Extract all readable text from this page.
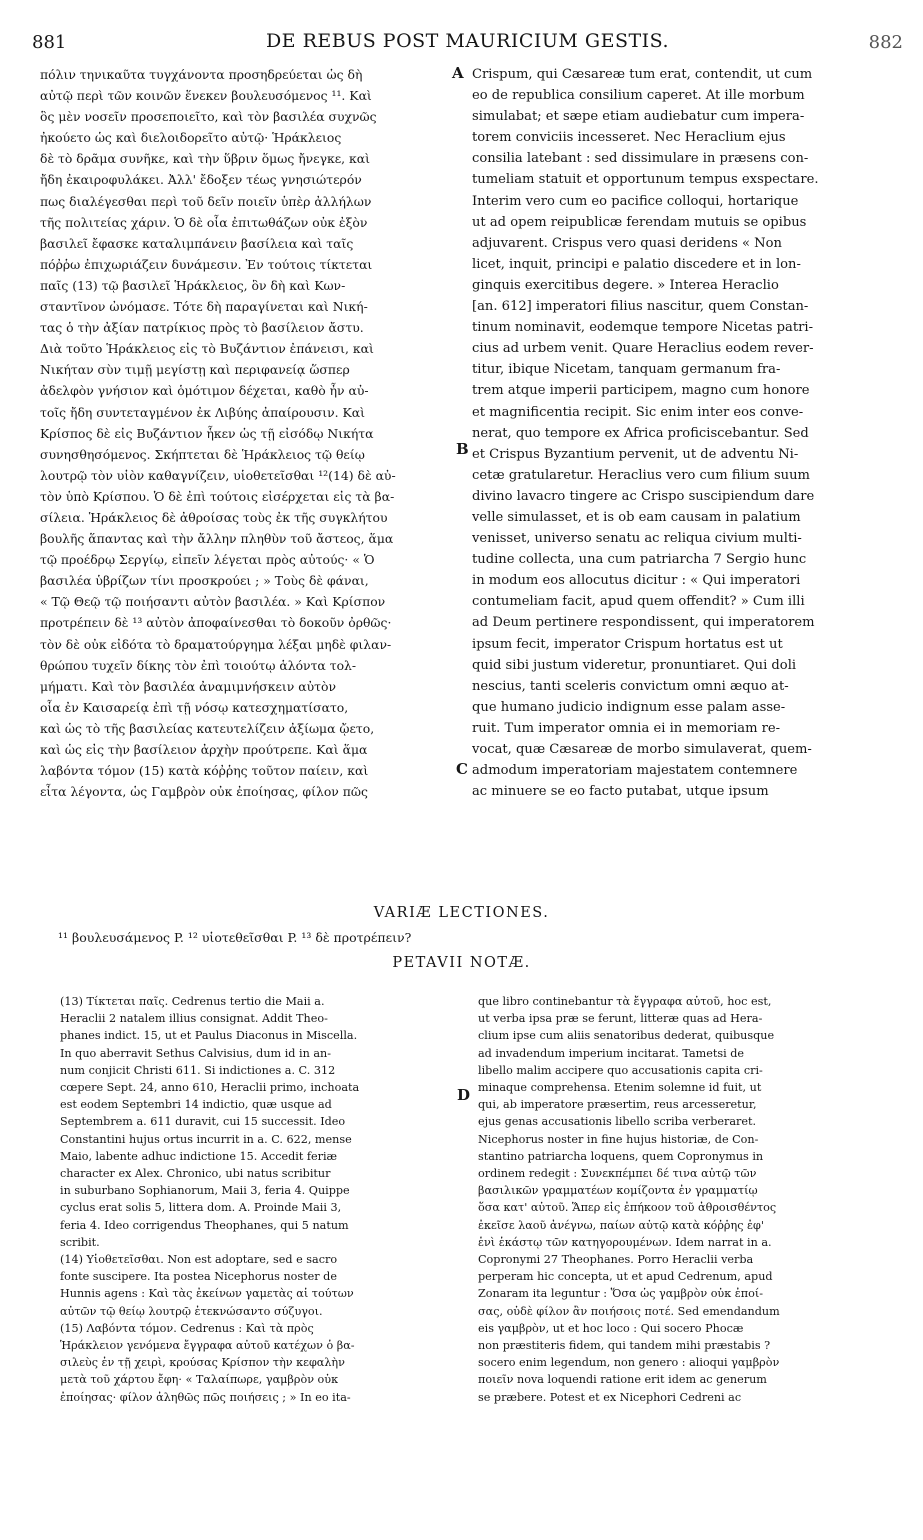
881	DE REBUS POST MAURICIUM GESTIS.	882
πόλιν τηνικαῦτα τυγχάνοντα προσηδρεύεται ὡς δὴ
αὐτῷ περὶ τῶν κοινῶν ἕνεκεν βουλευσόμενος ¹¹. Καὶ
ὃς μὲν νοσεῖν προσεποιεῖτο, καὶ τὸν βασιλέα συχνῶς
ἠκούετο ὡς καὶ διελοιδορεῖτο αὐτῷ· Ἡράκλειος
δὲ τὸ δρᾶμα συνῆκε, καὶ τὴν ὕβριν ὅμως ἤνεγκε, καὶ
ἤδη ἐκαιροφυλάκει. Ἀλλ' ἔδοξεν τέως γνησιώτερόν
πως διαλέγεσθαι περὶ τοῦ δεῖν ποιεῖν ὑπὲρ ἀλλήλων
τῆς πολιτείας χάριν. Ὁ δὲ οἷα ἐπιτωθάζων οὐκ ἐξὸν
βασιλεῖ ἔφασκε καταλιμπάνειν βασίλεια καὶ ταῖς
πόῤῥω ἐπιχωριάζειν δυνάμεσιν. Ἐν τούτοις τίκτεται
παῖς (13) τῷ βασιλεῖ Ἡράκλειος, ὃν δὴ καὶ Κων-
σταντῖνον ὠνόμασε. Τότε δὴ παραγίνεται καὶ Νική-
τας ὁ τὴν ἀξίαν πατρίκιος πρὸς τὸ βασίλειον ἄστυ.
Διὰ τοῦτο Ἡράκλειος εἰς τὸ Βυζάντιον ἐπάνεισι, καὶ
Νικήταν σὺν τιμῇ μεγίστῃ καὶ περιφανείᾳ ὥσπερ
ἀδελφὸν γνήσιον καὶ ὁμότιμον δέχεται, καθὸ ἦν αὐ-
τοῖς ἤδη συντεταγμένον ἐκ Λιβύης ἀπαίρουσιν. Καὶ
Κρίσπος δὲ εἰς Βυζάντιον ἧκεν ὡς τῇ εἰσόδῳ Νικήτα
συνησθησόμενος. Σκήπτεται δὲ Ἡράκλειος τῷ θείῳ
λουτρῷ τὸν υἱὸν καθαγνίζειν, υἱοθετεῖσθαι ¹²(14) δὲ αὐ-
τὸν ὑπὸ Κρίσπου. Ὁ δὲ ἐπὶ τούτοις εἰσέρχεται εἰς τὰ βα-
σίλεια. Ἡράκλειος δὲ ἀθροίσας τοὺς ἐκ τῆς συγκλήτου
βουλῆς ἅπαντας καὶ τὴν ἄλλην πληθὺν τοῦ ἄστεος, ἅμα
τῷ προέδρῳ Σεργίῳ, εἰπεῖν λέγεται πρὸς αὐτούς· « Ὁ
βασιλέα ὑβρίζων τίνι προσκρούει ; » Τοὺς δὲ φάναι,
« Τῷ Θεῷ τῷ ποιήσαντι αὐτὸν βασιλέα. » Καὶ Κρίσπον
προτρέπειν δὲ ¹³ αὐτὸν ἀποφαίνεσθαι τὸ δοκοῦν ὀρθῶς·
τὸν δὲ οὐκ εἰδότα τὸ δραματούργημα λέξαι μηδὲ φιλαν-
θρώπου τυχεῖν δίκης τὸν ἐπὶ τοιούτῳ ἁλόντα τολ-
μήματι. Καὶ τὸν βασιλέα ἀναμιμνήσκειν αὐτὸν
οἷα ἐν Καισαρείᾳ ἐπὶ τῇ νόσῳ κατεσχηματίσατο,
καὶ ὡς τὸ τῆς βασιλείας κατευτελίζειν ἀξίωμα ᾤετο,
καὶ ὡς εἰς τὴν βασίλειον ἀρχὴν προύτρεπε. Καὶ ἅμα
λαβόντα τόμον (15) κατὰ κόῤῥης τοῦτον παίειν, καὶ
εἶτα λέγοντα, ὡς Γαμβρὸν οὐκ ἐποίησας, φίλον πῶς
Crispum, qui Cæsareæ tum erat, contendit, ut cum
eo de republica consilium caperet. At ille morbum
simulabat; et sæpe etiam audiebatur cum impera-
torem conviciis incesseret. Nec Heraclium ejus
consilia latebant : sed dissimulare in præsens con-
tumeliam statuit et opportunum tempus exspectare.
Interim vero cum eo pacifice colloqui, hortarique
ut ad opem reipublicæ ferendam mutuis se opibus
adjuvarent. Crispus vero quasi deridens « Non
licet, inquit, principi e palatio discedere et in lon-
ginquis exercitibus degere. » Interea Heraclio
[an. 612] imperatori filius nascitur, quem Constan-
tinum nominavit, eodemque tempore Nicetas patri-
cius ad urbem venit. Quare Heraclius eodem rever-
titur, ibique Nicetam, tanquam germanum fra-
trem atque imperii participem, magno cum honore
et magnificentia recipit. Sic enim inter eos conve-
nerat, quo tempore ex Africa proficiscebantur. Sed
et Crispus Byzantium pervenit, ut de adventu Ni-
cetæ gratularetur. Heraclius vero cum filium suum
divino lavacro tingere ac Crispo suscipiendum dare
velle simulasset, et is ob eam causam in palatium
venisset, universo senatu ac reliqua civium multi-
tudine collecta, una cum patriarcha 7 Sergio hunc
in modum eos allocutus dicitur : « Qui imperatori
contumeliam facit, apud quem offendit? » Cum illi
ad Deum pertinere respondissent, qui imperatorem
ipsum fecit, imperator Crispum hortatus est ut
quid sibi justum videretur, pronuntiaret. Qui doli
nescius, tanti sceleris convictum omni æquo at-
que humano judicio indignum esse palam asse-
ruit. Tum imperator omnia ei in memoriam re-
vocat, quæ Cæsareæ de morbo simulaverat, quem-
admodum imperatoriam majestatem contemnere
ac minuere se eo facto putabat, utque ipsum
A
B
C
D
VARIÆ LECTIONES.
¹¹ βουλευσάμενος P. ¹² υἱοτεθεῖσθαι P. ¹³ δὲ προτρέπειν?
PETAVII NOTÆ.
(13) Τίκτεται παῖς. Cedrenus tertio die Maii a.
Heraclii 2 natalem illius consignat. Addit Theo-
phanes indict. 15, ut et Paulus Diaconus in Miscella.
In quo aberravit Sethus Calvisius, dum id in an-
num conjicit Christi 611. Si indictiones a. C. 312
cœpere Sept. 24, anno 610, Heraclii primo, inchoata
est eodem Septembri 14 indictio, quæ usque ad
Septembrem a. 611 duravit, cui 15 successit. Ideo
Constantini hujus ortus incurrit in a. C. 622, mense
Maio, labente adhuc indictione 15. Accedit feriæ
character ex Alex. Chronico, ubi natus scribitur
in suburbano Sophianorum, Maii 3, feria 4. Quippe
cyclus erat solis 5, littera dom. A. Proinde Maii 3,
feria 4. Ideo corrigendus Theophanes, qui 5 natum
scribit.
(14) Υἱοθετεῖσθαι. Non est adoptare, sed e sacro
fonte suscipere. Ita postea Nicephorus noster de
Hunnis agens : Καὶ τὰς ἐκείνων γαμετὰς αἱ τούτων
αὐτῶν τῷ θείῳ λουτρῷ ἐτεκνώσαντο σύζυγοι.
(15) Λαβόντα τόμον. Cedrenus : Καὶ τὰ πρὸς
Ἡράκλειον γενόμενα ἔγγραφα αὐτοῦ κατέχων ὁ βα-
σιλεὺς ἐν τῇ χειρὶ, κρούσας Κρίσπον τὴν κεφαλὴν
μετὰ τοῦ χάρτου ἔφη· « Ταλαίπωρε, γαμβρὸν οὐκ
ἐποίησας· φίλον ἀληθῶς πῶς ποιήσεις ; » In eo ita-
que libro continebantur τὰ ἔγγραφα αὐτοῦ, hoc est,
ut verba ipsa præ se ferunt, litteræ quas ad Hera-
clium ipse cum aliis senatoribus dederat, quibusque
ad invadendum imperium incitarat. Tametsi de
libello malim accipere quo accusationis capita cri-
minaque comprehensa. Etenim solemne id fuit, ut
qui, ab imperatore præsertim, reus arcesseretur,
ejus genas accusationis libello scriba verberaret.
Nicephorus noster in fine hujus historiæ, de Con-
stantino patriarcha loquens, quem Copronymus in
ordinem redegit : Συνεκπέμπει δέ τινα αὐτῷ τῶν
βασιλικῶν γραμματέων κομίζοντα ἐν γραμματίῳ
ὅσα κατ' αὐτοῦ. Ἅπερ εἰς ἐπήκοον τοῦ ἀθροισθέντος
ἐκεῖσε λαοῦ ἀνέγνω, παίων αὐτῷ κατὰ κόῤῥης ἐφ'
ἑνὶ ἑκάστῳ τῶν κατηγορουμένων. Idem narrat in a.
Copronymi 27 Theophanes. Porro Heraclii verba
perperam hic concepta, ut et apud Cedrenum, apud
Zonaram ita leguntur : Ὅσα ὡς γαμβρὸν οὐκ ἐποί-
σας, οὐδὲ φίλον ἂν ποιήσοις ποτέ. Sed emendandum
eis γαμβρὸν, ut et hoc loco : Qui socero Phocæ
non præstiteris fidem, qui tandem mihi præstabis ?
socero enim legendum, non genero : alioqui γαμβρὸν
ποιεῖν nova loquendi ratione erit idem ac generum
se præbere. Potest et ex Nicephori Cedreni ac
